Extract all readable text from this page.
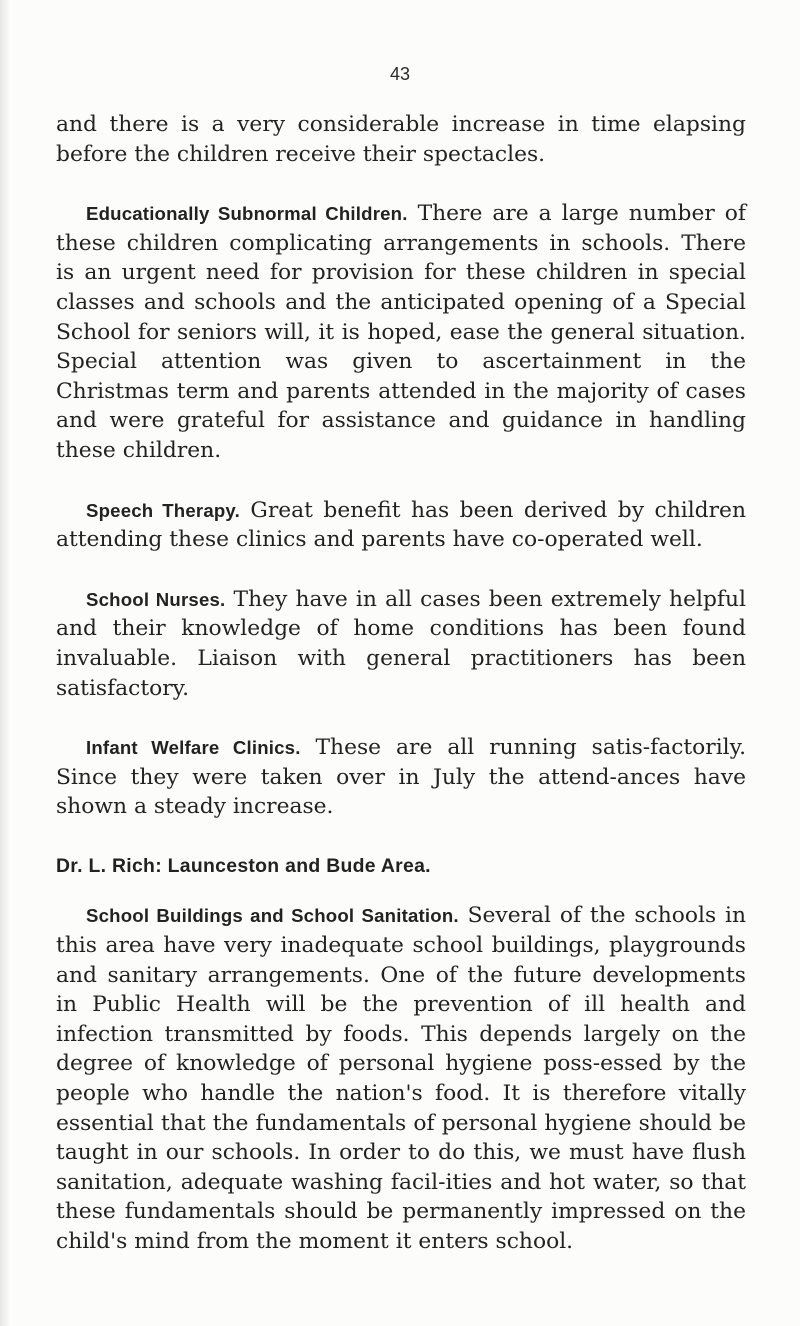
43

and there is a very considerable increase in time elapsing before the children receive their spectacles.

Educationally Subnormal Children. There are a large number of these children complicating arrangements in schools. There is an urgent need for provision for these children in special classes and schools and the anticipated opening of a Special School for seniors will, it is hoped, ease the general situation. Special attention was given to ascertainment in the Christmas term and parents attended in the majority of cases and were grateful for assistance and guidance in handling these children.

Speech Therapy. Great benefit has been derived by children attending these clinics and parents have co-operated well.

School Nurses. They have in all cases been extremely helpful and their knowledge of home conditions has been found invaluable. Liaison with general practitioners has been satisfactory.

Infant Welfare Clinics. These are all running satis-factorily. Since they were taken over in July the attend-ances have shown a steady increase.

Dr. L. Rich: Launceston and Bude Area.

School Buildings and School Sanitation. Several of the schools in this area have very inadequate school buildings, playgrounds and sanitary arrangements. One of the future developments in Public Health will be the prevention of ill health and infection transmitted by foods. This depends largely on the degree of knowledge of personal hygiene poss-essed by the people who handle the nation's food. It is therefore vitally essential that the fundamentals of personal hygiene should be taught in our schools. In order to do this, we must have flush sanitation, adequate washing facil-ities and hot water, so that these fundamentals should be permanently impressed on the child's mind from the moment it enters school.
